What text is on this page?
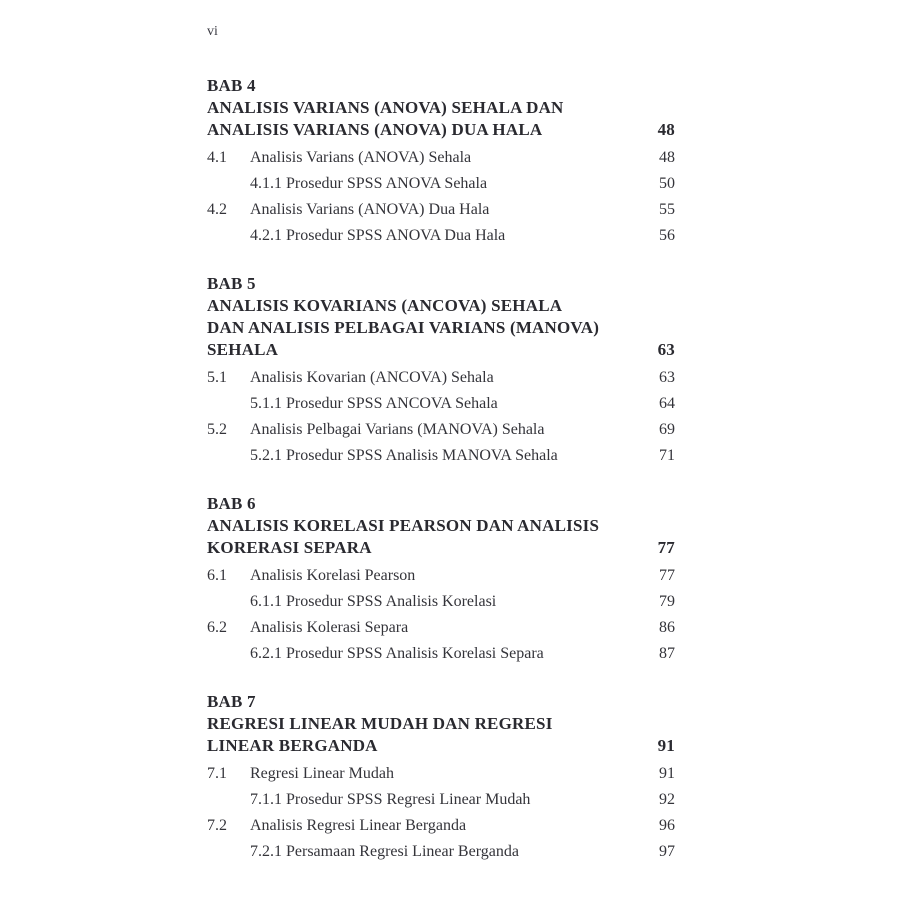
vi
BAB 4
ANALISIS VARIANS (ANOVA) SEHALA DAN
ANALISIS VARIANS (ANOVA) DUA HALA	48
4.1	Analisis Varians (ANOVA) Sehala	48
4.1.1 Prosedur SPSS ANOVA Sehala	50
4.2	Analisis Varians (ANOVA) Dua Hala	55
4.2.1 Prosedur SPSS ANOVA Dua Hala	56
BAB 5
ANALISIS KOVARIANS (ANCOVA) SEHALA
DAN ANALISIS PELBAGAI VARIANS (MANOVA)
SEHALA	63
5.1	Analisis Kovarian (ANCOVA) Sehala	63
5.1.1 Prosedur SPSS ANCOVA Sehala	64
5.2	Analisis Pelbagai Varians (MANOVA) Sehala	69
5.2.1 Prosedur SPSS Analisis MANOVA Sehala	71
BAB 6
ANALISIS KORELASI PEARSON DAN ANALISIS
KORERASI SEPARA	77
6.1	Analisis Korelasi Pearson	77
6.1.1 Prosedur SPSS Analisis Korelasi	79
6.2	Analisis Kolerasi Separa	86
6.2.1 Prosedur SPSS Analisis Korelasi Separa	87
BAB 7
REGRESI LINEAR MUDAH DAN REGRESI
LINEAR BERGANDA	91
7.1	Regresi Linear Mudah	91
7.1.1 Prosedur SPSS Regresi Linear Mudah	92
7.2	Analisis Regresi Linear Berganda	96
7.2.1 Persamaan Regresi Linear Berganda	97
